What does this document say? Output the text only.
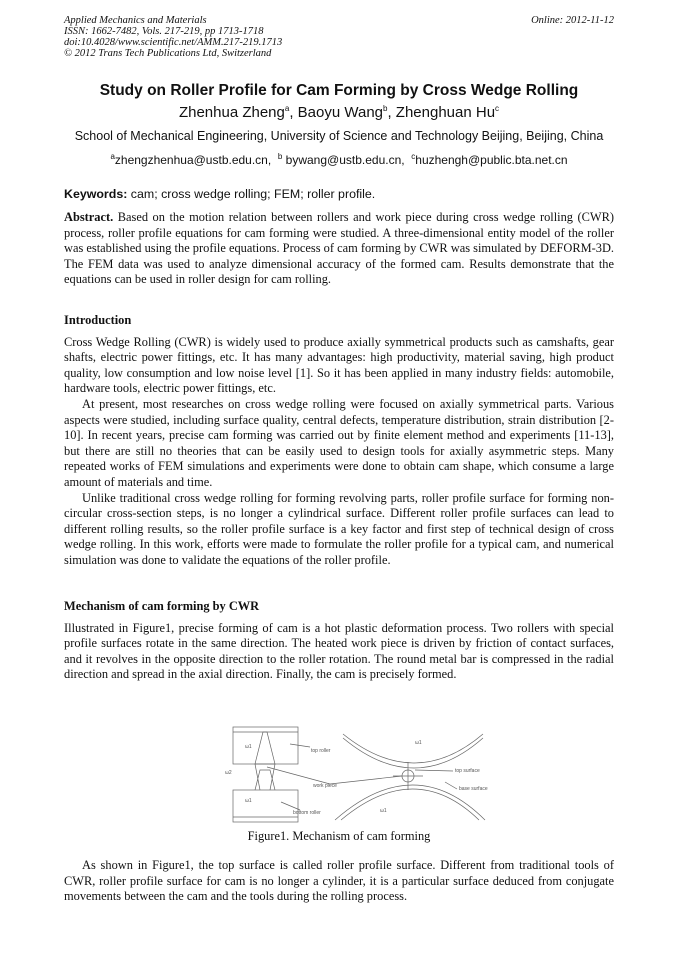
Applied Mechanics and Materials
ISSN: 1662-7482, Vols. 217-219, pp 1713-1718
doi:10.4028/www.scientific.net/AMM.217-219.1713
© 2012 Trans Tech Publications Ltd, Switzerland
Online: 2012-11-12
Study on Roller Profile for Cam Forming by Cross Wedge Rolling
Zhenhua Zheng$^a$, Baoyu Wang$^b$, Zhenghuan Hu$^c$
School of Mechanical Engineering, University of Science and Technology Beijing, Beijing, China
$^a$zhengzhenhua@ustb.edu.cn, $^b$ bywang@ustb.edu.cn, $^c$huzhengh@public.bta.net.cn
Keywords: cam; cross wedge rolling; FEM; roller profile.
Abstract. Based on the motion relation between rollers and work piece during cross wedge rolling (CWR) process, roller profile equations for cam forming were studied. A three-dimensional entity model of the roller was established using the profile equations. Process of cam forming by CWR was simulated by DEFORM-3D. The FEM data was used to analyze dimensional accuracy of the formed cam. Results demonstrate that the equations can be used in roller design for cam rolling.

Introduction

Cross Wedge Rolling (CWR) is widely used to produce axially symmetrical products such as camshafts, gear shafts, electric power fittings, etc. It has many advantages: high productivity, material saving, high product quality, low consumption and low noise level [1]. So it has been applied in many industry fields: automobile, hardware tools, electric power fittings, etc.

At present, most researches on cross wedge rolling were focused on axially symmetrical parts. Various aspects were studied, including surface quality, central defects, temperature distribution, strain distribution [2-10]. In recent years, precise cam forming was carried out by finite element method and experiments [11-13], but there are still no theories that can be easily used to design tools for axially asymmetric steps. Many repeated works of FEM simulations and experiments were done to obtain cam shape, which consume a large amount of materials and time.

Unlike traditional cross wedge rolling for forming revolving parts, roller profile surface for forming non-circular cross-section steps, is no longer a cylindrical surface. Different roller profile surfaces can lead to different rolling results, so the roller profile surface is a key factor and first step of technical design of cross wedge rolling. In this work, efforts were made to formulate the roller profile for a typical cam, and numerical simulation was done to validate the equations of the roller profile.

Mechanism of cam forming by CWR

Illustrated in Figure1, precise forming of cam is a hot plastic deformation process. Two rollers with special profile surfaces rotate in the same direction. The heated work piece is driven by friction of contact surfaces, and it revolves in the opposite direction to the roller rotation. The round metal bar is compressed in the radial direction and spread in the axial direction. Finally, the cam is precisely formed.

top roller
work piece
bottom roller
top surface
base surface
ω1
ω1
ω1
ω1
ω2
Figure1. Mechanism of cam forming

As shown in Figure1, the top surface is called roller profile surface. Different from traditional tools of CWR, roller profile surface for cam is no longer a cylinder, it is a particular surface deduced from conjugate movements between the cam and the tools during the rolling process.
